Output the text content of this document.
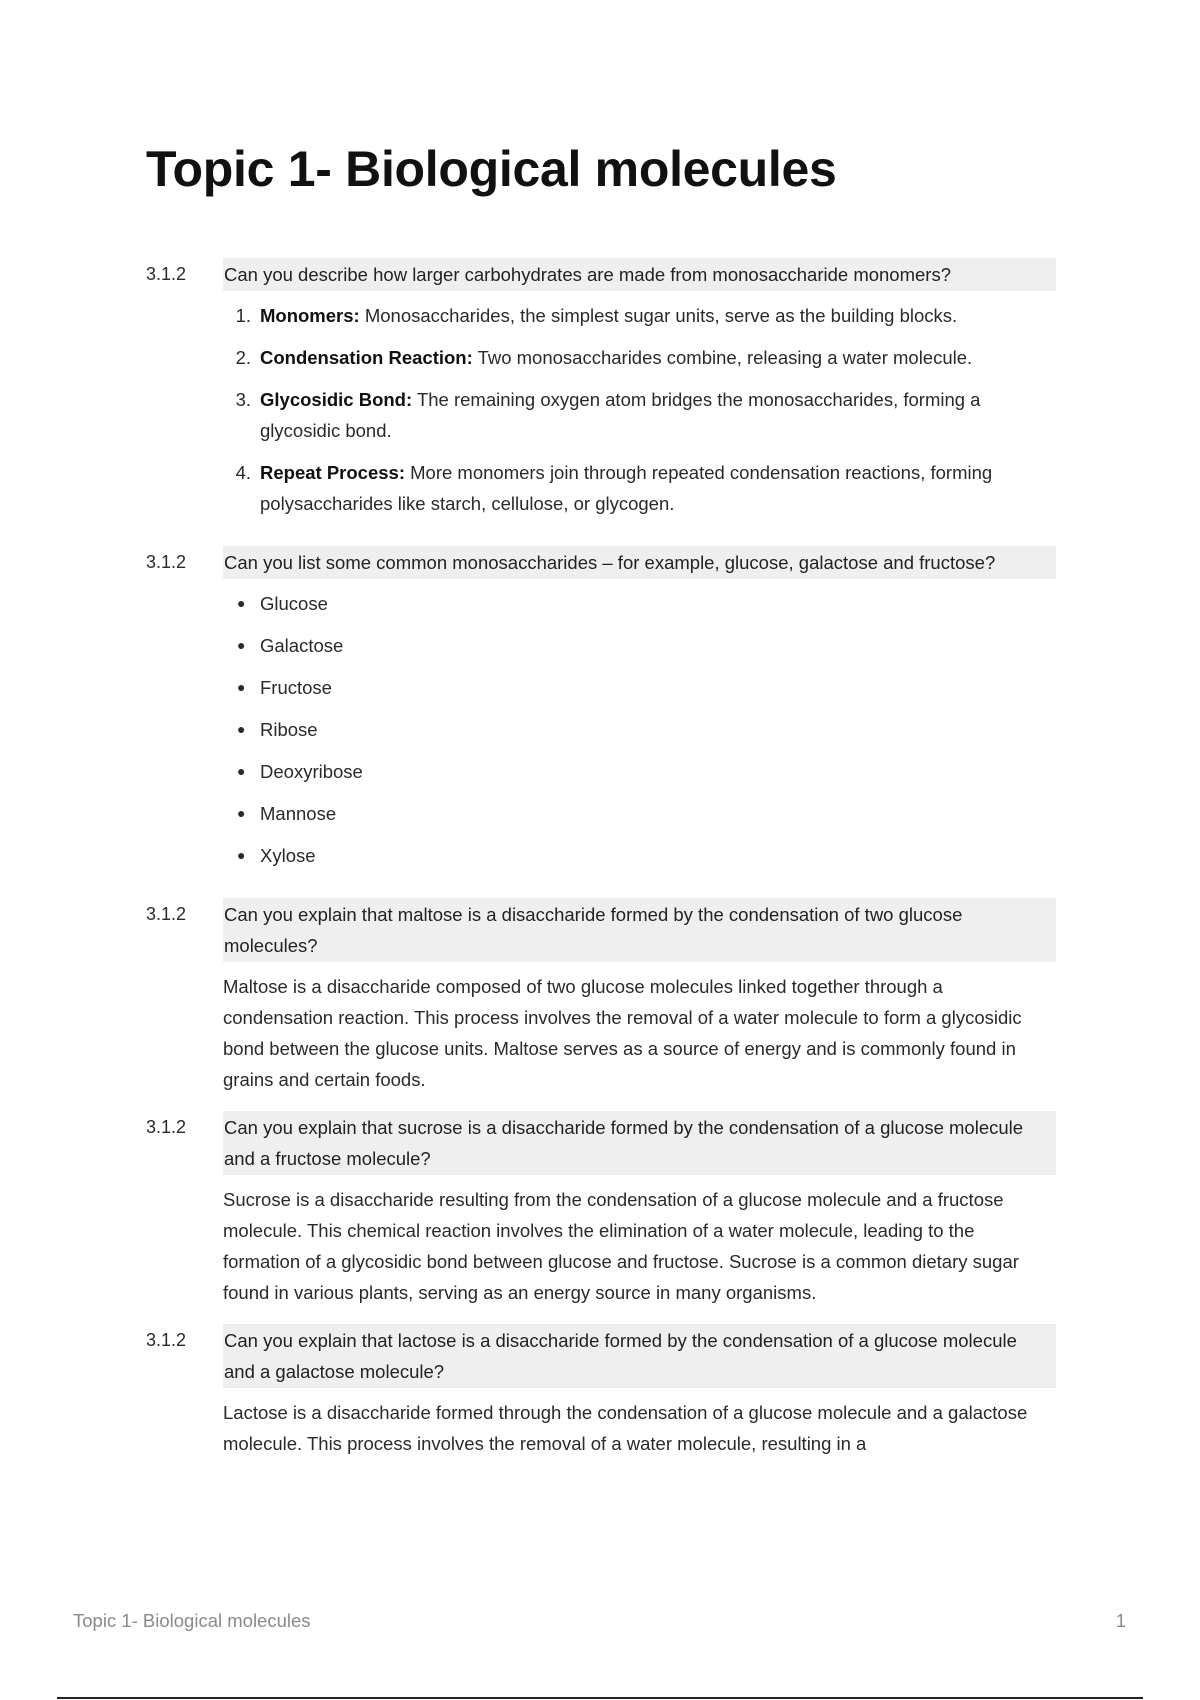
Topic 1- Biological molecules
3.1.2	Can you describe how larger carbohydrates are made from monosaccharide monomers?
1. Monomers: Monosaccharides, the simplest sugar units, serve as the building blocks.
2. Condensation Reaction: Two monosaccharides combine, releasing a water molecule.
3. Glycosidic Bond: The remaining oxygen atom bridges the monosaccharides, forming a glycosidic bond.
4. Repeat Process: More monomers join through repeated condensation reactions, forming polysaccharides like starch, cellulose, or glycogen.
3.1.2	Can you list some common monosaccharides – for example, glucose, galactose and fructose?
● Glucose
● Galactose
● Fructose
● Ribose
● Deoxyribose
● Mannose
● Xylose
3.1.2	Can you explain that maltose is a disaccharide formed by the condensation of two glucose molecules?

Maltose is a disaccharide composed of two glucose molecules linked together through a condensation reaction. This process involves the removal of a water molecule to form a glycosidic bond between the glucose units. Maltose serves as a source of energy and is commonly found in grains and certain foods.

3.1.2	Can you explain that sucrose is a disaccharide formed by the condensation of a glucose molecule and a fructose molecule?

Sucrose is a disaccharide resulting from the condensation of a glucose molecule and a fructose molecule. This chemical reaction involves the elimination of a water molecule, leading to the formation of a glycosidic bond between glucose and fructose. Sucrose is a common dietary sugar found in various plants, serving as an energy source in many organisms.

3.1.2	Can you explain that lactose is a disaccharide formed by the condensation of a glucose molecule and a galactose molecule?

Lactose is a disaccharide formed through the condensation of a glucose molecule and a galactose molecule. This process involves the removal of a water molecule, resulting in a

Topic 1- Biological molecules	1
